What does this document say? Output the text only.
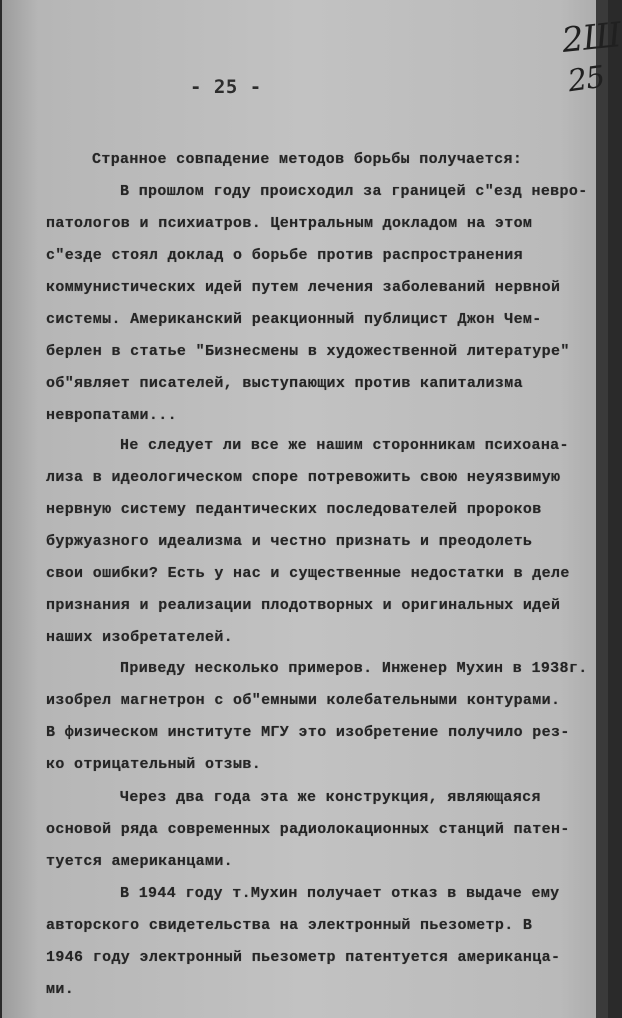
2Ш
25
- 25 -
Странное совпадение методов борьбы получается:
В прошлом году происходил за границей с"езд невро-
патологов и психиатров. Центральным докладом на этом
с"езде стоял доклад о борьбе против распространения
коммунистических идей путем лечения заболеваний нервной
системы. Американский реакционный публицист Джон Чем-
берлен в статье "Бизнесмены в художественной литературе"
об"являет писателей, выступающих против капитализма
невропатами...
Не следует ли все же нашим сторонникам психоана-
лиза в идеологическом споре потревожить свою неуязвимую
нервную систему педантических последователей пророков
буржуазного идеализма и честно признать и преодолеть
свои ошибки? Есть у нас и существенные недостатки в деле
признания и реализации плодотворных и оригинальных идей
наших изобретателей.
Приведу несколько примеров. Инженер Мухин в 1938г.
изобрел магнетрон с об"емными колебательными контурами.
В физическом институте МГУ это изобретение получило рез-
ко отрицательный отзыв.
Через два года эта же конструкция, являющаяся
основой ряда современных радиолокационных станций патен-
туется американцами.
В 1944 году т.Мухин получает отказ в выдаче ему
авторского свидетельства на электронный пьезометр. В
1946 году электронный пьезометр патентуется американца-
ми.
